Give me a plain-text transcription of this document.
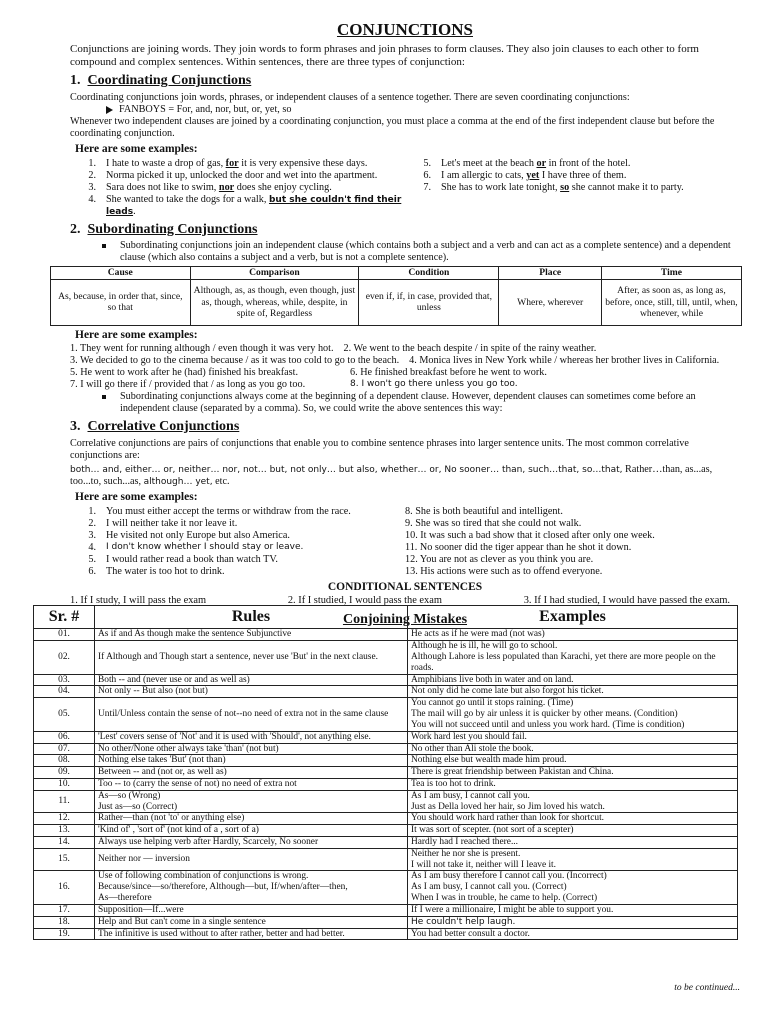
CONJUNCTIONS

Conjunctions are joining words. They join words to form phrases and join phrases to form clauses. They also join clauses to each other to form compound and complex sentences. Within sentences, there are three types of conjunction:

1. Coordinating Conjunctions

Coordinating conjunctions join words, phrases, or independent clauses of a sentence together. There are seven coordinating conjunctions:

FANBOYS = For, and, nor, but, or, yet, so

Whenever two independent clauses are joined by a coordinating conjunction, you must place a comma at the end of the first independent clause but before the coordinating conjunction.

Here are some examples:
1. I hate to waste a drop of gas, for it is very expensive these days.
2. Norma picked it up, unlocked the door and wet into the apartment.
3. Sara does not like to swim, nor does she enjoy cycling.
4. She wanted to take the dogs for a walk, but she couldn't find their leads.
5. Let's meet at the beach or in front of the hotel.
6. I am allergic to cats, yet I have three of them.
7. She has to work late tonight, so she cannot make it to party.
2. Subordinating Conjunctions

Subordinating conjunctions join an independent clause (which contains both a subject and a verb and can act as a complete sentence) and a dependent clause (which also contains a subject and a verb, but is not a complete sentence).

Cause	Comparison	Condition	Place	Time
As, because, in order that, since, so that	Although, as, as though, even though, just as, though, whereas, while, despite, in spite of, Regardless	even if, if, in case, provided that, unless	Where, wherever	After, as soon as, as long as, before, once, still, till, until, when, whenever, while
Here are some examples:
1. They went for running although / even though it was very hot. 2. We went to the beach despite / in spite of the rainy weather.
3. We decided to go to the cinema because / as it was too cold to go to the beach. 4. Monica lives in New York while / whereas her brother lives in California.
5. He went to work after he (had) finished his breakfast.	6. He finished breakfast before he went to work.
7. I will go there if / provided that / as long as you go too.	8. I won't go there unless you go too.

Subordinating conjunctions always come at the beginning of a dependent clause. However, dependent clauses can sometimes come before an independent clause (separated by a comma). So, we could write the above sentences this way:

3. Correlative Conjunctions

Correlative conjunctions are pairs of conjunctions that enable you to combine sentence phrases into larger sentence units. The most common correlative conjunctions are:

both… and, either… or, neither… nor, not… but, not only… but also, whether… or, No sooner… than, such…that, so…that, Rather…than, as...as, too...to, such...as, although… yet, etc.

Here are some examples:
1. You must either accept the terms or withdraw from the race.
2. I will neither take it nor leave it.
3. He visited not only Europe but also America.
4.	I don't know whether I should stay or leave.
5. I would rather read a book than watch TV.
6. The water is too hot to drink.
8. She is both beautiful and intelligent.
9. She was so tired that she could not walk.
10. It was such a bad show that it closed after only one week.
11. No sooner did the tiger appear than he shot it down.
12. You are not as clever as you think you are.
13. His actions were such as to offend everyone.
CONDITIONAL SENTENCES
1. If I study, I will pass the exam	2. If I studied, I would pass the exam	3. If I had studied, I would have passed the exam.
Conjoining Mistakes
Sr. #	Rules	Examples
01.	As if and As though make the sentence Subjunctive	He acts as if he were mad (not was)
02.	If Although and Though start a sentence, never use 'But' in the next clause.	Although he is ill, he will go to school.
Although Lahore is less populated than Karachi, yet there are more people on the roads.
03.	Both -- and (never use or and as well as)	Amphibians live both in water and on land.
04.	Not only -- But also (not but)	Not only did he come late but also forgot his ticket.
05.	Until/Unless contain the sense of not--no need of extra not in the same clause	You cannot go until it stops raining. (Time)
The mail will go by air unless it is quicker by other means. (Condition)
You will not succeed until and unless you work hard. (Time is condition)
06.	'Lest' covers sense of 'Not' and it is used with 'Should', not anything else.	Work hard lest you should fail.
07.	No other/None other always take 'than' (not but)	No other than Ali stole the book.
08.	Nothing else takes 'But' (not than)	Nothing else but wealth made him proud.
09.	Between -- and (not or, as well as)	There is great friendship between Pakistan and China.
10.	Too -- to (carry the sense of not) no need of extra not	Tea is too hot to drink.
11.	As—so (Wrong)
Just as—so (Correct)	As I am busy, I cannot call you.
Just as Della loved her hair, so Jim loved his watch.
12.	Rather—than (not 'to' or anything else)	You should work hard rather than look for shortcut.
13.	'Kind of' , 'sort of' (not kind of a , sort of a)	It was sort of scepter. (not sort of a scepter)
14.	Always use helping verb after Hardly, Scarcely, No sooner	Hardly had I reached there...
15.	Neither nor — inversion	Neither he nor she is present.
I will not take it, neither will I leave it.
16.	Use of following combination of conjunctions is wrong.
Because/since—so/therefore, Although—but, If/when/after—then,
As—therefore	As I am busy therefore I cannot call you. (Incorrect)
As I am busy, I cannot call you. (Correct)
When I was in trouble, he came to help. (Correct)
17.	Supposition—If...were	If I were a millionaire, I might be able to support you.
18.	Help and But can't come in a single sentence	He couldn't help laugh.
19.	The infinitive is used without to after rather, better and had better.	You had better consult a doctor.
to be continued...
